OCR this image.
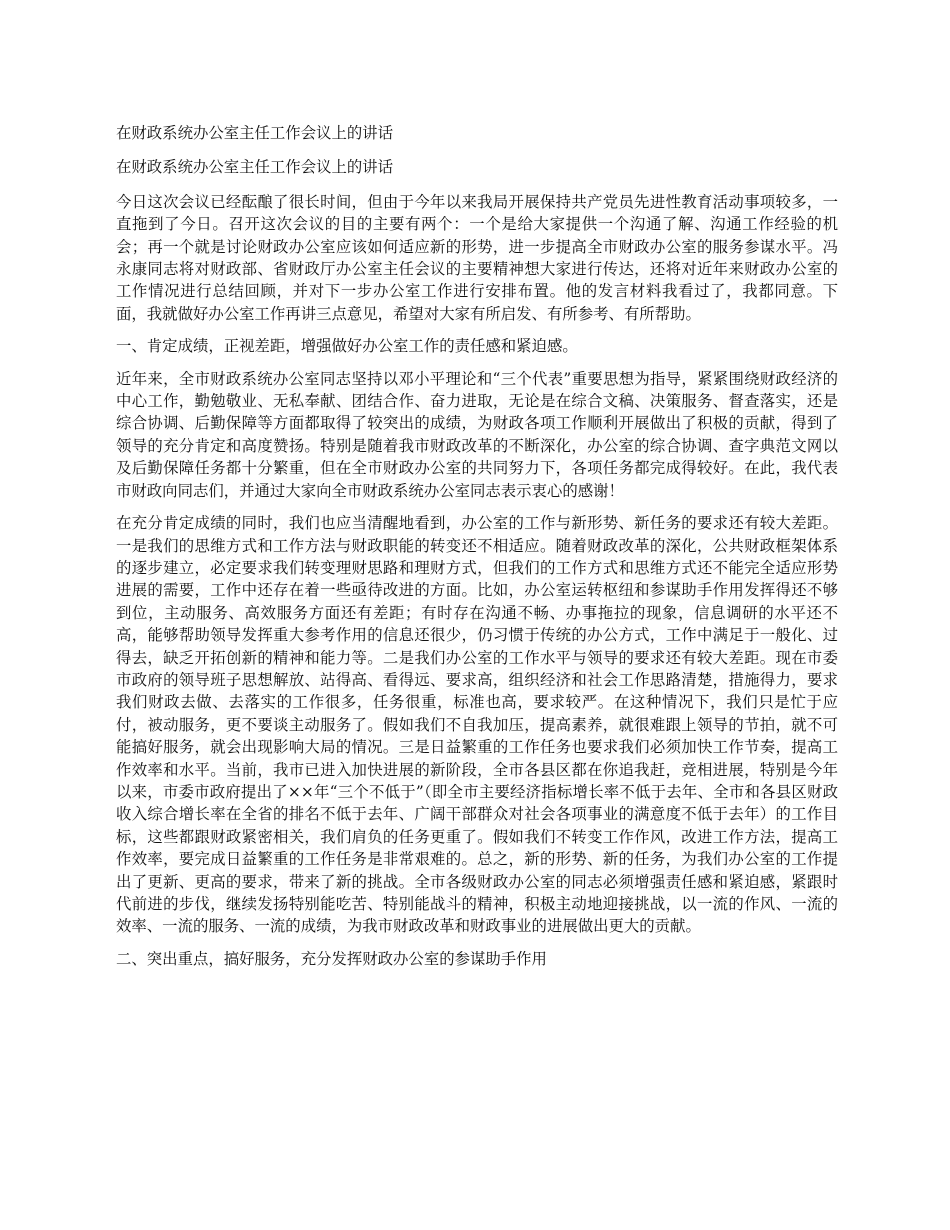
在财政系统办公室主任工作会议上的讲话

在财政系统办公室主任工作会议上的讲话

今日这次会议已经酝酿了很长时间，但由于今年以来我局开展保持共产党员先进性教育活动事项较多，一直拖到了今日。召开这次会议的目的主要有两个：一个是给大家提供一个沟通了解、沟通工作经验的机会；再一个就是讨论财政办公室应该如何适应新的形势，进一步提高全市财政办公室的服务参谋水平。冯永康同志将对财政部、省财政厅办公室主任会议的主要精神想大家进行传达，还将对近年来财政办公室的工作情况进行总结回顾，并对下一步办公室工作进行安排布置。他的发言材料我看过了，我都同意。下面，我就做好办公室工作再讲三点意见，希望对大家有所启发、有所参考、有所帮助。

一、肯定成绩，正视差距，增强做好办公室工作的责任感和紧迫感。

近年来，全市财政系统办公室同志坚持以邓小平理论和“三个代表”重要思想为指导，紧紧围绕财政经济的中心工作，勤勉敬业、无私奉献、团结合作、奋力进取，无论是在综合文稿、决策服务、督查落实，还是综合协调、后勤保障等方面都取得了较突出的成绩，为财政各项工作顺利开展做出了积极的贡献，得到了领导的充分肯定和高度赞扬。特别是随着我市财政改革的不断深化，办公室的综合协调、查字典范文网以及后勤保障任务都十分繁重，但在全市财政办公室的共同努力下，各项任务都完成得较好。在此，我代表市财政向同志们，并通过大家向全市财政系统办公室同志表示衷心的感谢！

在充分肯定成绩的同时，我们也应当清醒地看到，办公室的工作与新形势、新任务的要求还有较大差距。一是我们的思维方式和工作方法与财政职能的转变还不相适应。随着财政改革的深化，公共财政框架体系的逐步建立，必定要求我们转变理财思路和理财方式，但我们的工作方式和思维方式还不能完全适应形势进展的需要，工作中还存在着一些亟待改进的方面。比如，办公室运转枢纽和参谋助手作用发挥得还不够到位，主动服务、高效服务方面还有差距；有时存在沟通不畅、办事拖拉的现象，信息调研的水平还不高，能够帮助领导发挥重大参考作用的信息还很少，仍习惯于传统的办公方式，工作中满足于一般化、过得去，缺乏开拓创新的精神和能力等。二是我们办公室的工作水平与领导的要求还有较大差距。现在市委市政府的领导班子思想解放、站得高、看得远、要求高，组织经济和社会工作思路清楚，措施得力，要求我们财政去做、去落实的工作很多，任务很重，标准也高，要求较严。在这种情况下，我们只是忙于应付，被动服务，更不要谈主动服务了。假如我们不自我加压，提高素养，就很难跟上领导的节拍，就不可能搞好服务，就会出现影响大局的情况。三是日益繁重的工作任务也要求我们必须加快工作节奏，提高工作效率和水平。当前，我市已进入加快进展的新阶段，全市各县区都在你追我赶，竞相进展，特别是今年以来，市委市政府提出了××年“三个不低于”（即全市主要经济指标增长率不低于去年、全市和各县区财政收入综合增长率在全省的排名不低于去年、广阔干部群众对社会各项事业的满意度不低于去年）的工作目标，这些都跟财政紧密相关，我们肩负的任务更重了。假如我们不转变工作作风，改进工作方法，提高工作效率，要完成日益繁重的工作任务是非常艰难的。总之，新的形势、新的任务，为我们办公室的工作提出了更新、更高的要求，带来了新的挑战。全市各级财政办公室的同志必须增强责任感和紧迫感，紧跟时代前进的步伐，继续发扬特别能吃苦、特别能战斗的精神，积极主动地迎接挑战，以一流的作风、一流的效率、一流的服务、一流的成绩，为我市财政改革和财政事业的进展做出更大的贡献。

二、突出重点，搞好服务，充分发挥财政办公室的参谋助手作用
